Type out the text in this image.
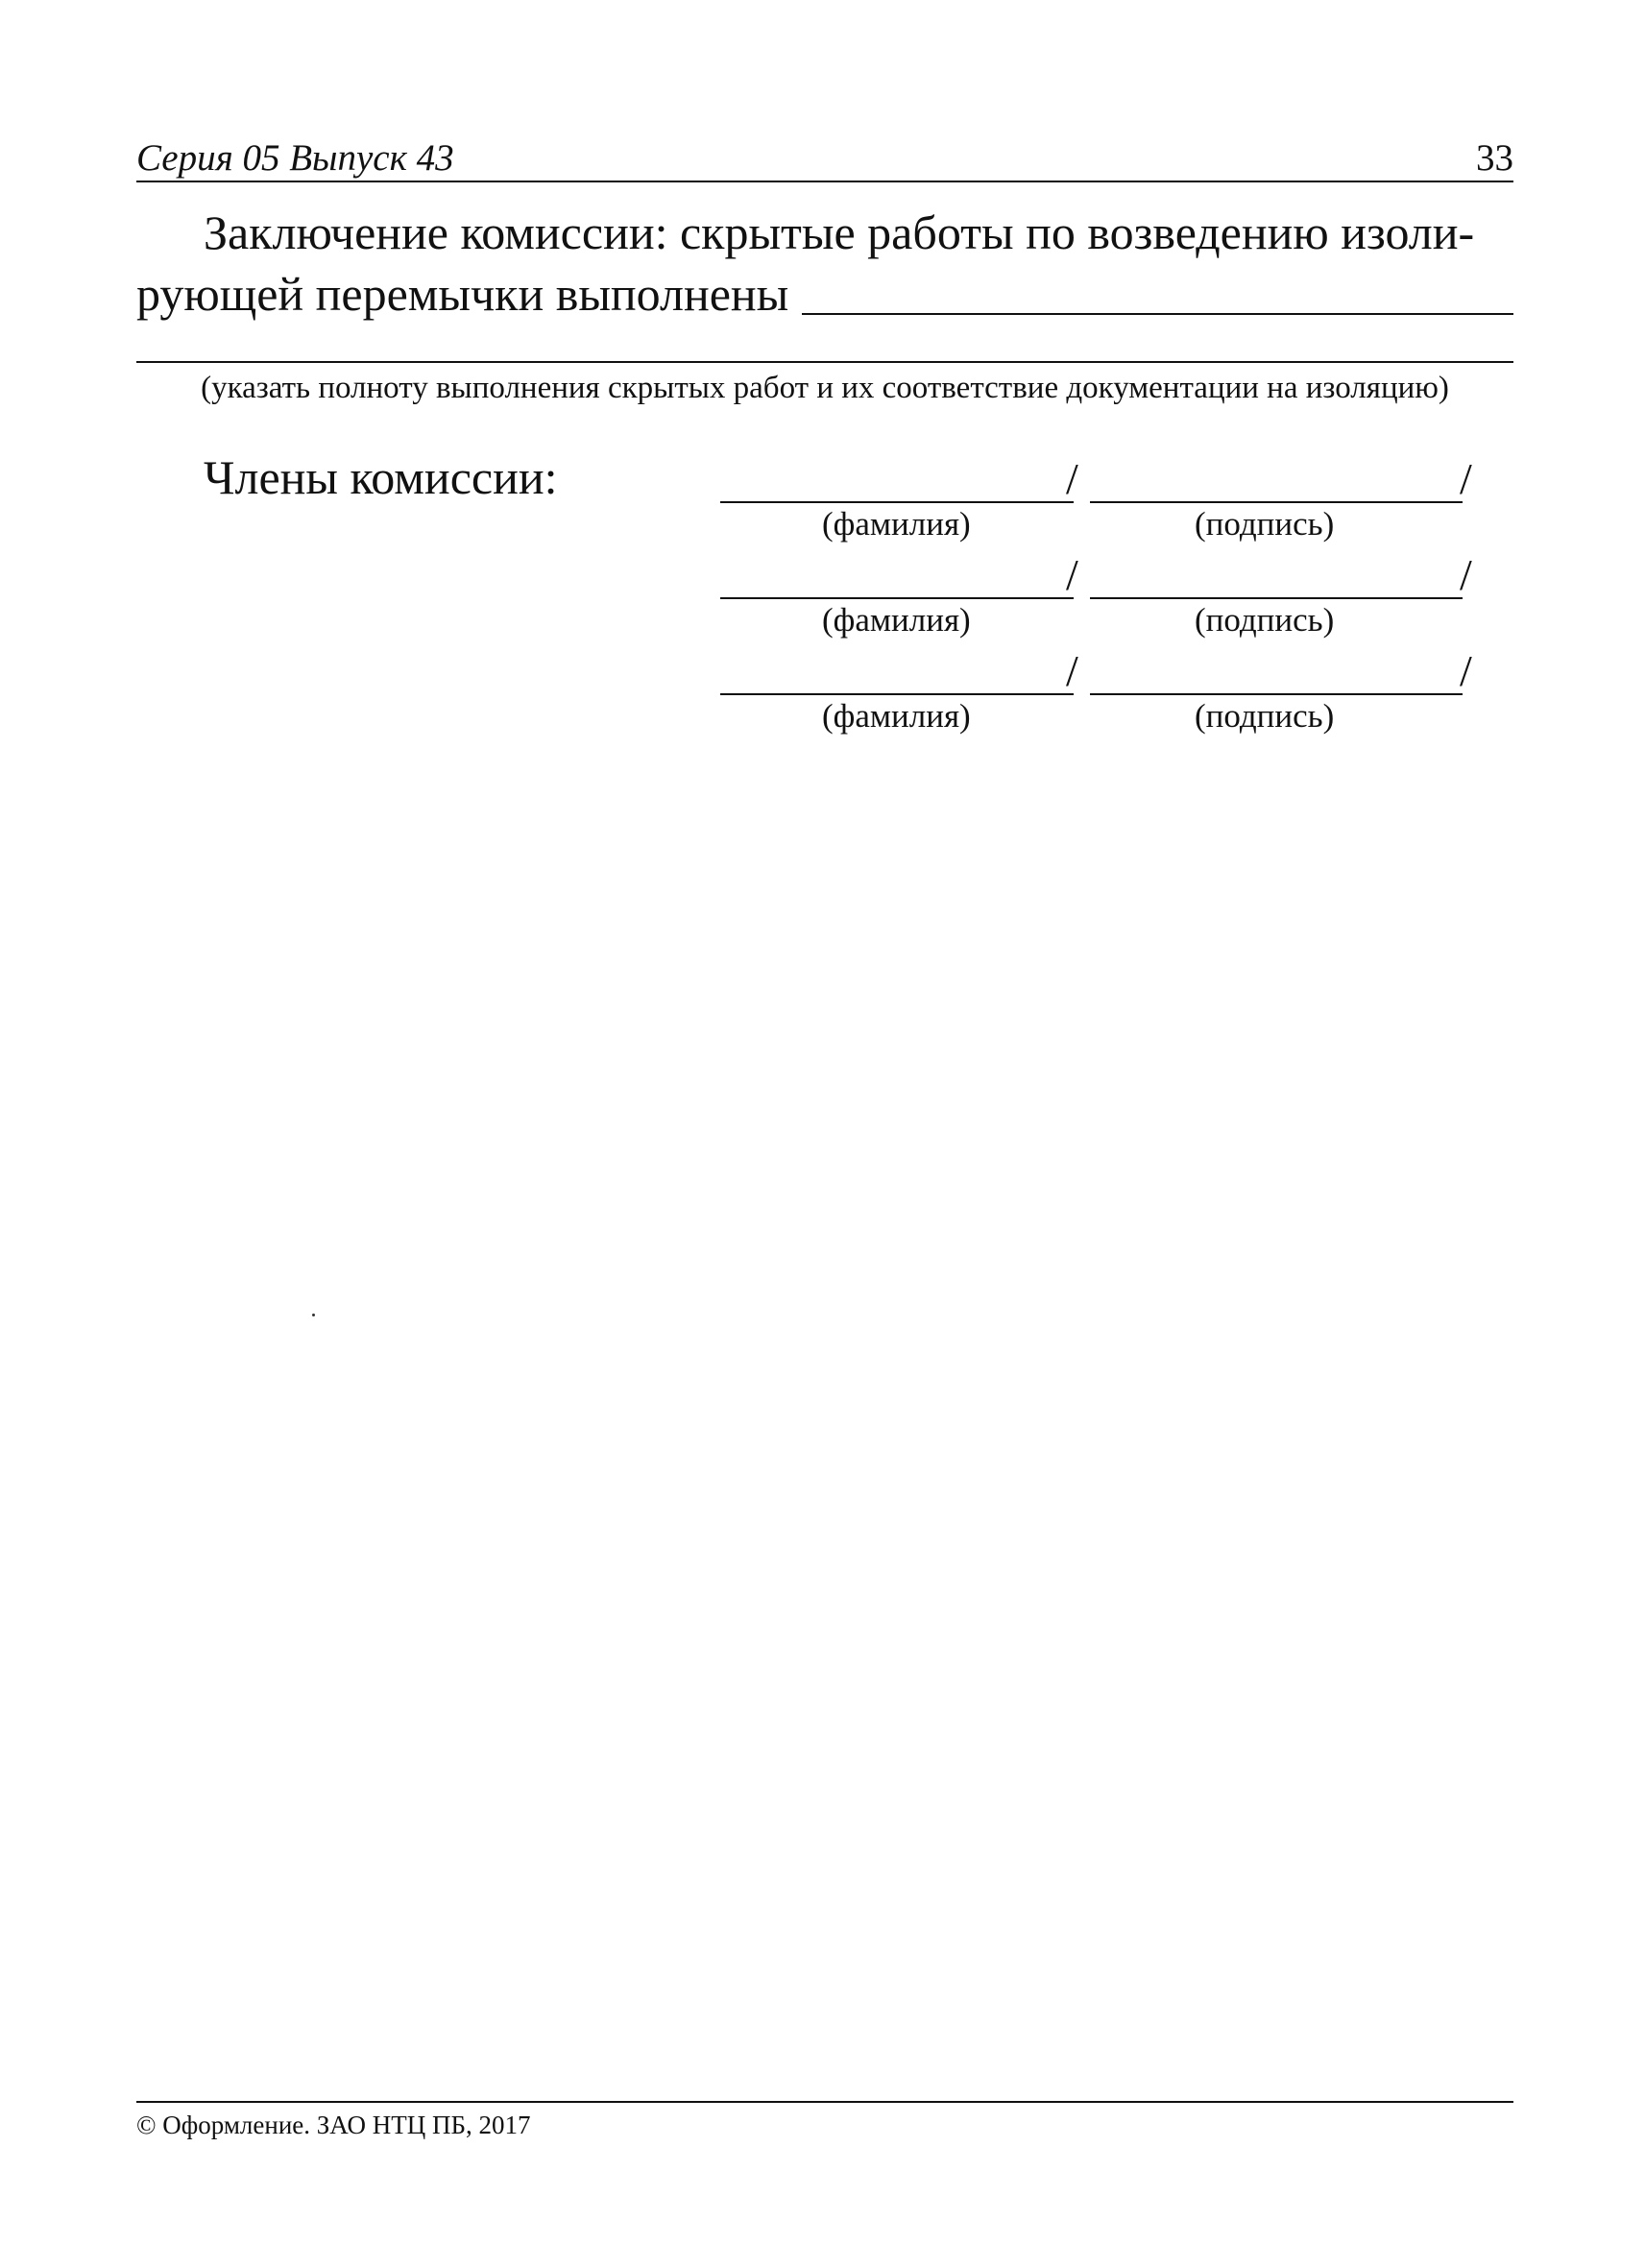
Серия 05 Выпуск 43	33
Заключение комиссии: скрытые работы по возведению изоли-
рующей перемычки выполнены
(указать полноту выполнения скрытых работ и их соответствие документации на изоляцию)
Члены комиссии:	/	/
(фамилия)	(подпись)
/	/
(фамилия)	(подпись)
/	/
(фамилия)	(подпись)
© Оформление. ЗАО НТЦ ПБ, 2017
